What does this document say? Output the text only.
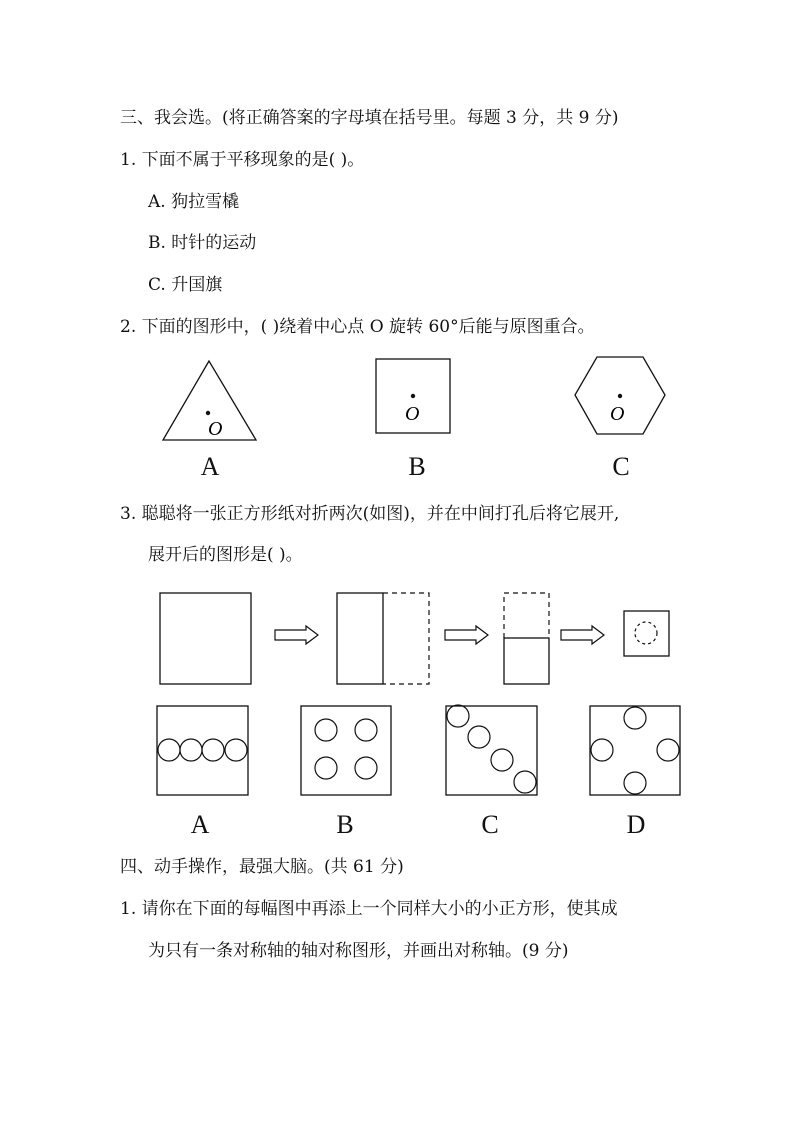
三、我会选。(将正确答案的字母填在括号里。每题 3 分，共 9 分)
1. 下面不属于平移现象的是( )。
A. 狗拉雪橇
B. 时针的运动
C. 升国旗
2. 下面的图形中，( )绕着中心点 O 旋转 60°后能与原图重合。
O
O	O
A	B	C
3. 聪聪将一张正方形纸对折两次(如图)，并在中间打孔后将它展开,
展开后的图形是( )。
A	B	C	D
四、动手操作，最强大脑。(共 61 分)
1. 请你在下面的每幅图中再添上一个同样大小的小正方形，使其成
为只有一条对称轴的轴对称图形，并画出对称轴。(9 分)
